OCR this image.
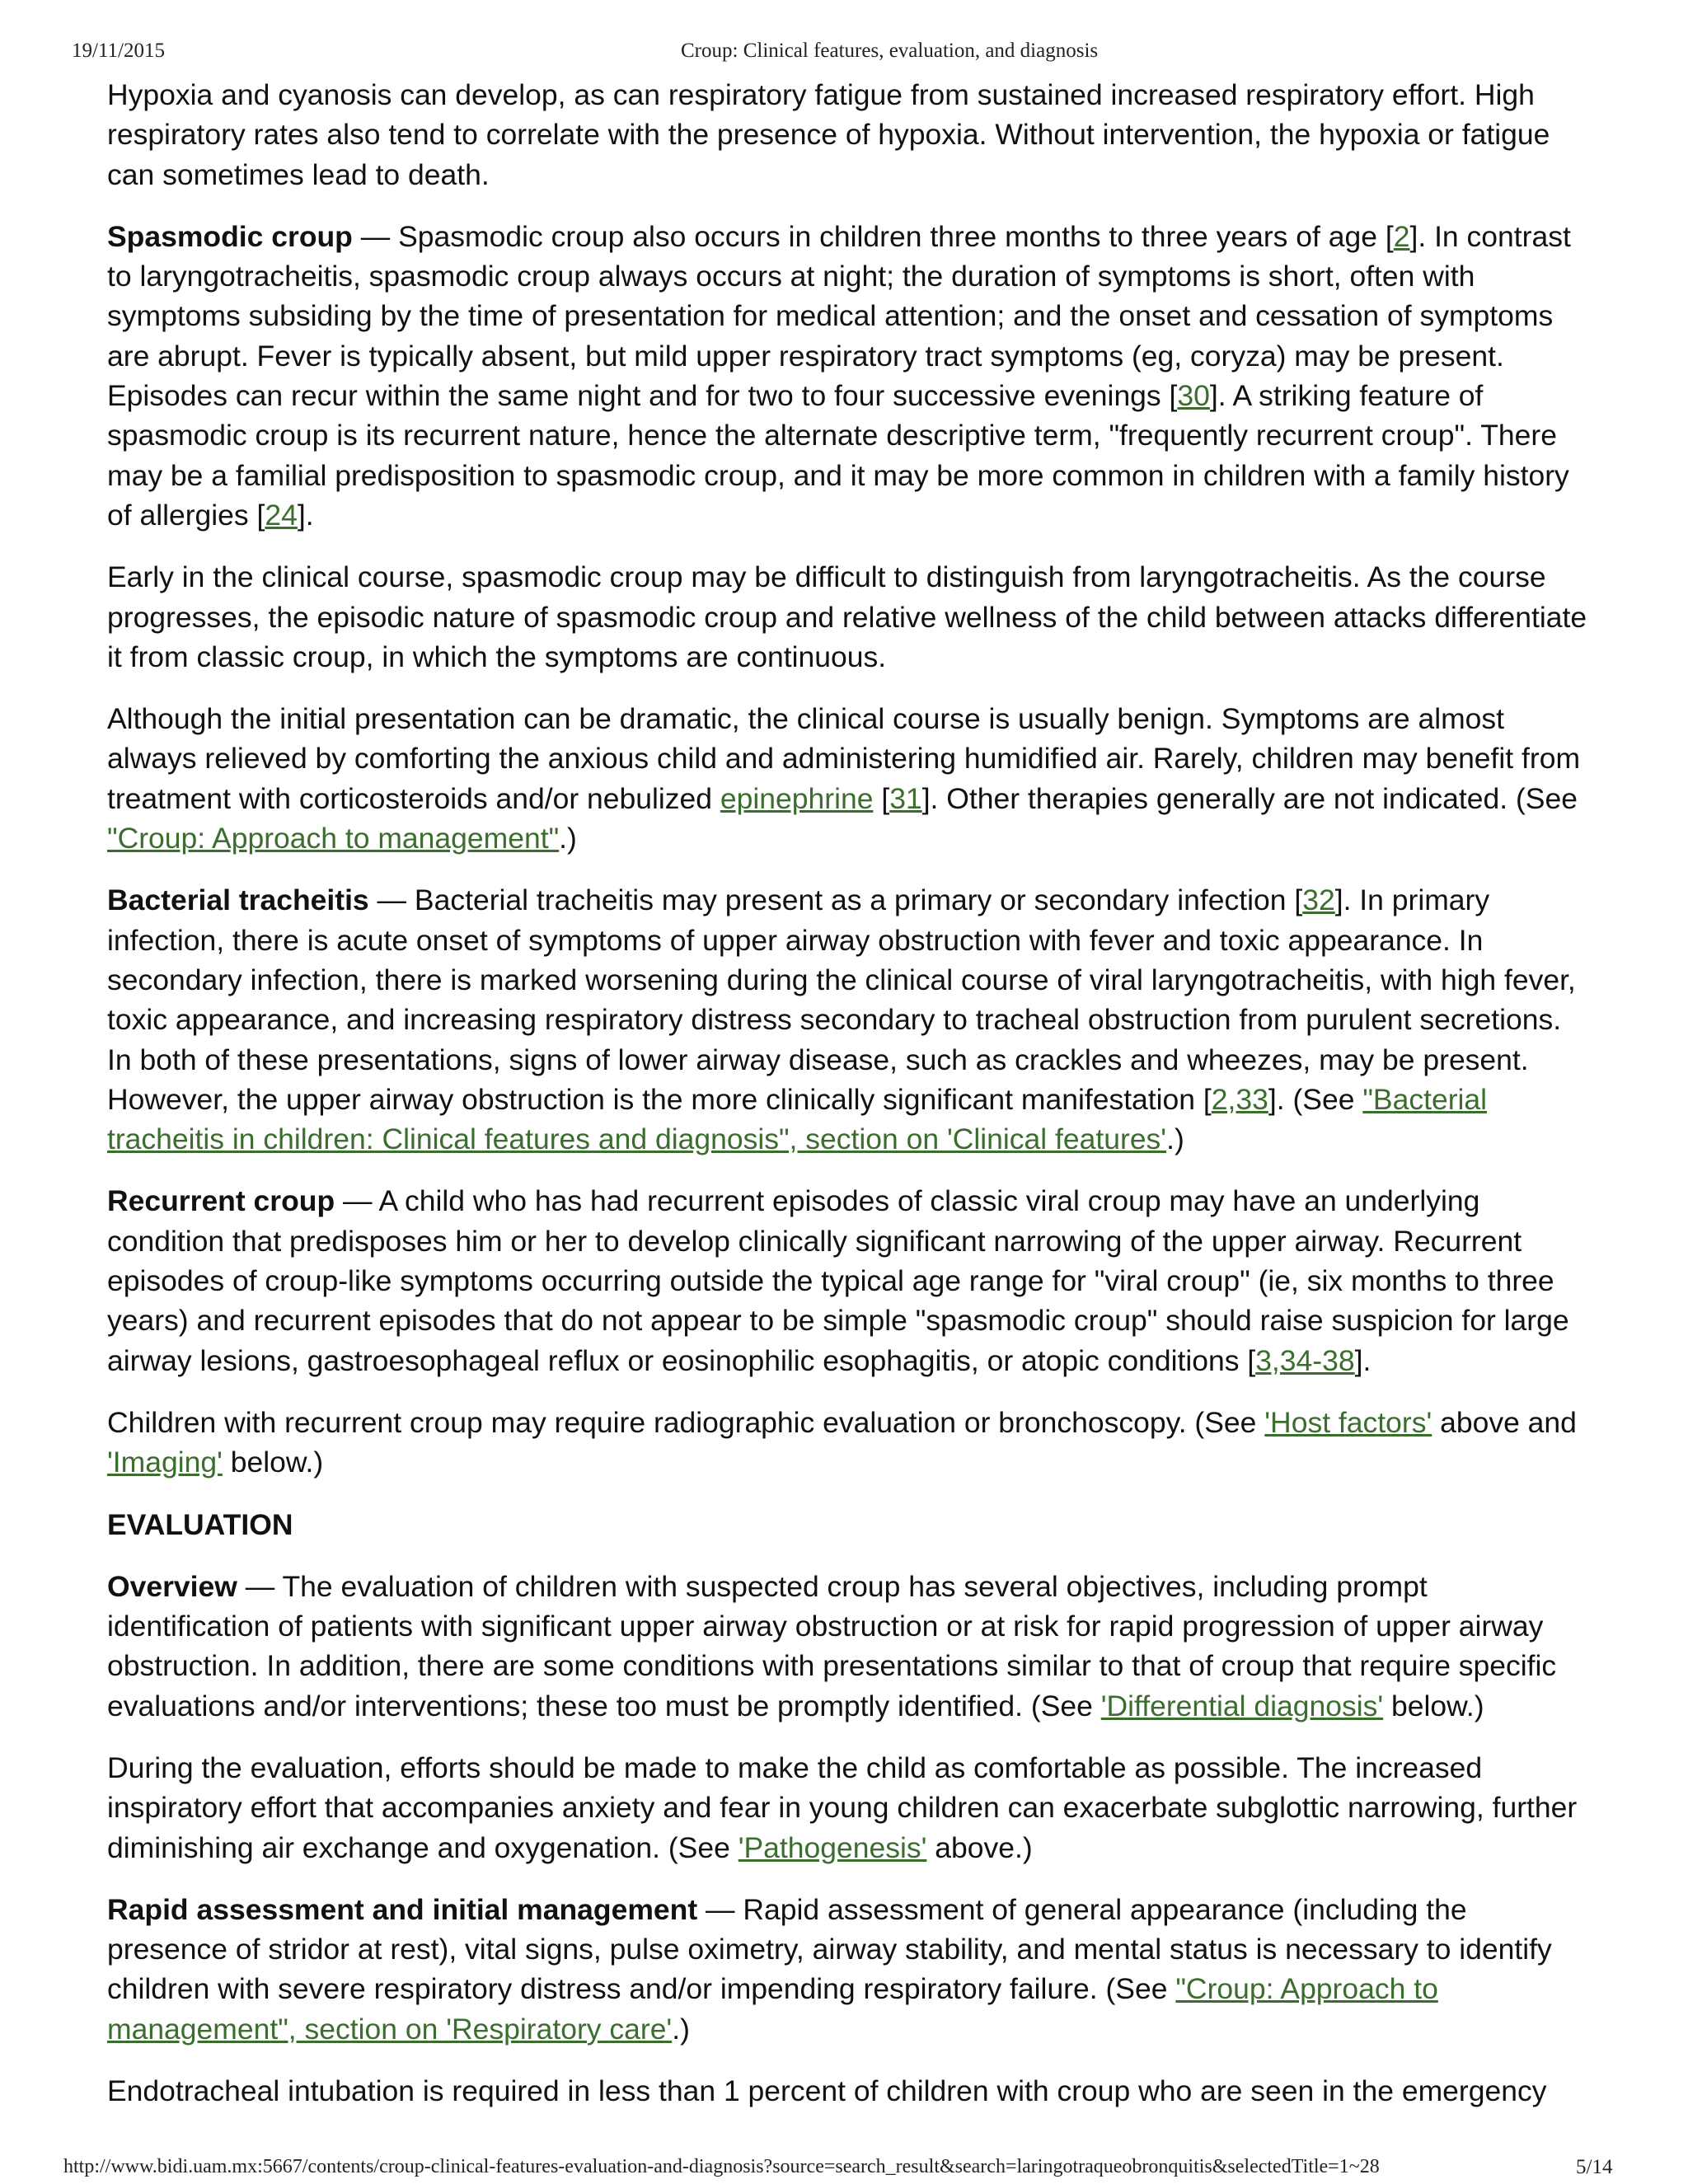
19/11/2015	Croup: Clinical features, evaluation, and diagnosis

Hypoxia and cyanosis can develop, as can respiratory fatigue from sustained increased respiratory effort. High respiratory rates also tend to correlate with the presence of hypoxia. Without intervention, the hypoxia or fatigue can sometimes lead to death.

Spasmodic croup — Spasmodic croup also occurs in children three months to three years of age [2]. In contrast to laryngotracheitis, spasmodic croup always occurs at night; the duration of symptoms is short, often with symptoms subsiding by the time of presentation for medical attention; and the onset and cessation of symptoms are abrupt. Fever is typically absent, but mild upper respiratory tract symptoms (eg, coryza) may be present. Episodes can recur within the same night and for two to four successive evenings [30]. A striking feature of spasmodic croup is its recurrent nature, hence the alternate descriptive term, "frequently recurrent croup". There may be a familial predisposition to spasmodic croup, and it may be more common in children with a family history of allergies [24].

Early in the clinical course, spasmodic croup may be difficult to distinguish from laryngotracheitis. As the course progresses, the episodic nature of spasmodic croup and relative wellness of the child between attacks differentiate it from classic croup, in which the symptoms are continuous.

Although the initial presentation can be dramatic, the clinical course is usually benign. Symptoms are almost always relieved by comforting the anxious child and administering humidified air. Rarely, children may benefit from treatment with corticosteroids and/or nebulized epinephrine [31]. Other therapies generally are not indicated. (See "Croup: Approach to management".)

Bacterial tracheitis — Bacterial tracheitis may present as a primary or secondary infection [32]. In primary infection, there is acute onset of symptoms of upper airway obstruction with fever and toxic appearance. In secondary infection, there is marked worsening during the clinical course of viral laryngotracheitis, with high fever, toxic appearance, and increasing respiratory distress secondary to tracheal obstruction from purulent secretions. In both of these presentations, signs of lower airway disease, such as crackles and wheezes, may be present. However, the upper airway obstruction is the more clinically significant manifestation [2,33]. (See "Bacterial tracheitis in children: Clinical features and diagnosis", section on 'Clinical features'.)

Recurrent croup — A child who has had recurrent episodes of classic viral croup may have an underlying condition that predisposes him or her to develop clinically significant narrowing of the upper airway. Recurrent episodes of croup-like symptoms occurring outside the typical age range for "viral croup" (ie, six months to three years) and recurrent episodes that do not appear to be simple "spasmodic croup" should raise suspicion for large airway lesions, gastroesophageal reflux or eosinophilic esophagitis, or atopic conditions [3,34-38].

Children with recurrent croup may require radiographic evaluation or bronchoscopy. (See 'Host factors' above and 'Imaging' below.)

EVALUATION

Overview — The evaluation of children with suspected croup has several objectives, including prompt identification of patients with significant upper airway obstruction or at risk for rapid progression of upper airway obstruction. In addition, there are some conditions with presentations similar to that of croup that require specific evaluations and/or interventions; these too must be promptly identified. (See 'Differential diagnosis' below.)

During the evaluation, efforts should be made to make the child as comfortable as possible. The increased inspiratory effort that accompanies anxiety and fear in young children can exacerbate subglottic narrowing, further diminishing air exchange and oxygenation. (See 'Pathogenesis' above.)

Rapid assessment and initial management — Rapid assessment of general appearance (including the presence of stridor at rest), vital signs, pulse oximetry, airway stability, and mental status is necessary to identify children with severe respiratory distress and/or impending respiratory failure. (See "Croup: Approach to management", section on 'Respiratory care'.)

Endotracheal intubation is required in less than 1 percent of children with croup who are seen in the emergency

http://www.bidi.uam.mx:5667/contents/croup-clinical-features-evaluation-and-diagnosis?source=search_result&search=laringotraqueobronquitis&selectedTitle=1~28	5/14
